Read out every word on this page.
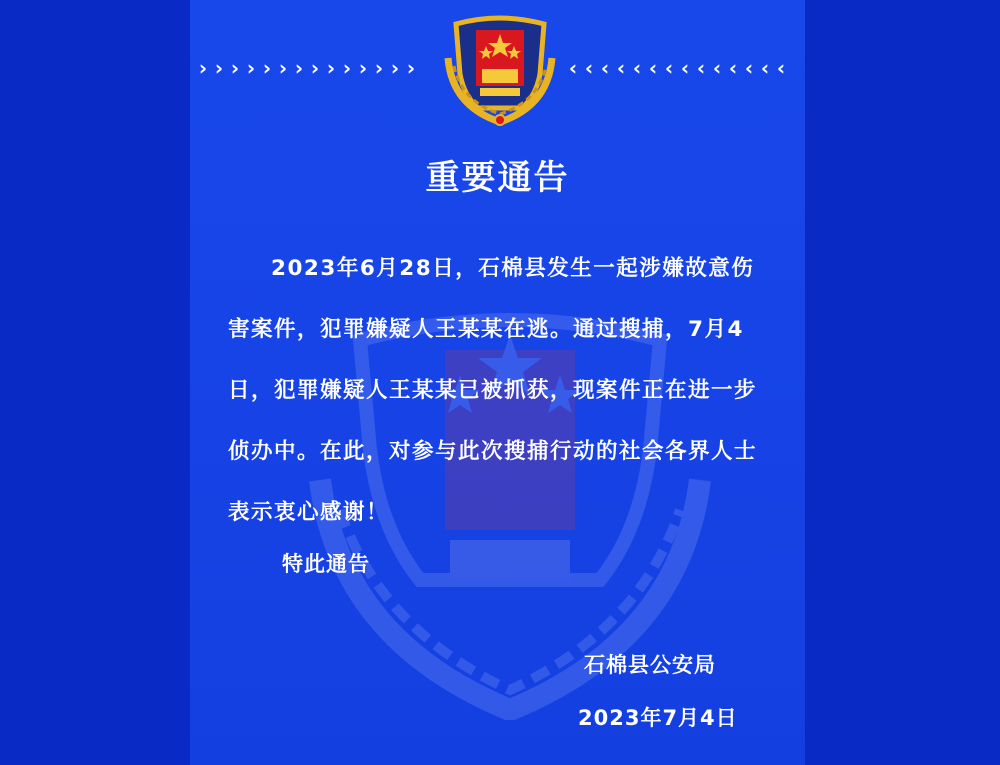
› › › › › › › › › › › › › ›	‹ ‹ ‹ ‹ ‹ ‹ ‹ ‹ ‹ ‹ ‹ ‹ ‹ ‹
重要通告
2023年6月28日，石棉县发生一起涉嫌故意伤害案件，犯罪嫌疑人王某某在逃。通过搜捕，7月4日，犯罪嫌疑人王某某已被抓获，现案件正在进一步侦办中。在此，对参与此次搜捕行动的社会各界人士表示衷心感谢！
特此通告
石棉县公安局
2023年7月4日
